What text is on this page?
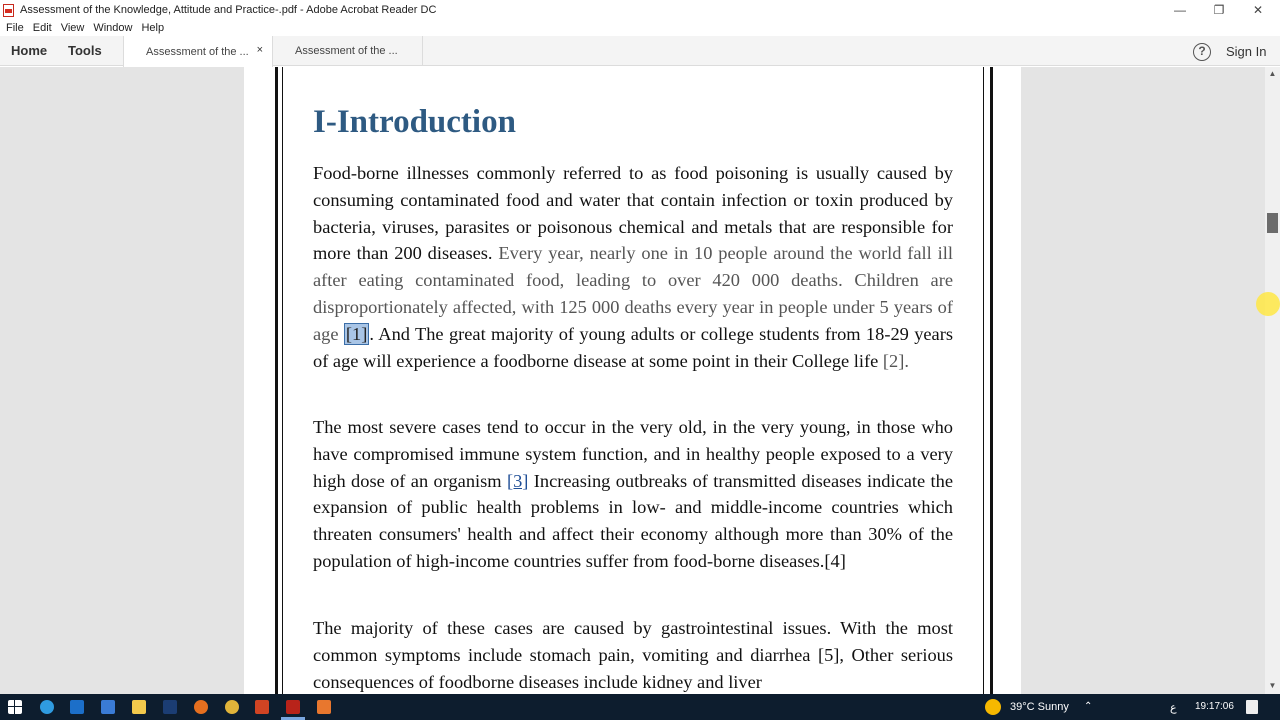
Assessment of the Knowledge, Attitude and Practice-.pdf - Adobe Acrobat Reader DC	—	❐	✕
File Edit View Window Help
Home Tools	Assessment of the ... ×	Assessment of the ...	?	Sign In
I-Introduction

Food-borne illnesses commonly referred to as food poisoning is usually caused by consuming contaminated food and water that contain infection or toxin produced by bacteria, viruses, parasites or poisonous chemical and metals that are responsible for more than 200 diseases. Every year, nearly one in 10 people around the world fall ill after eating contaminated food, leading to over 420 000 deaths. Children are disproportionately affected, with 125 000 deaths every year in people under 5 years of age [1] . And The great majority of young adults or college students from 18-29 years of age will experience a foodborne disease at some point in their College life [2].

The most severe cases tend to occur in the very old, in the very young, in those who have compromised immune system function, and in healthy people exposed to a very high dose of an organism [3] Increasing outbreaks of transmitted diseases indicate the expansion of public health problems in low- and middle-income countries which threaten consumers' health and affect their economy although more than 30% of the population of high-income countries suffer from food-borne diseases.[4]

The majority of these cases are caused by gastrointestinal issues. With the most common symptoms include stomach pain, vomiting and diarrhea [5], Other serious consequences of foodborne diseases include kidney and liver

▲
▼
39°C Sunny ⌃	ع 19:17:06
